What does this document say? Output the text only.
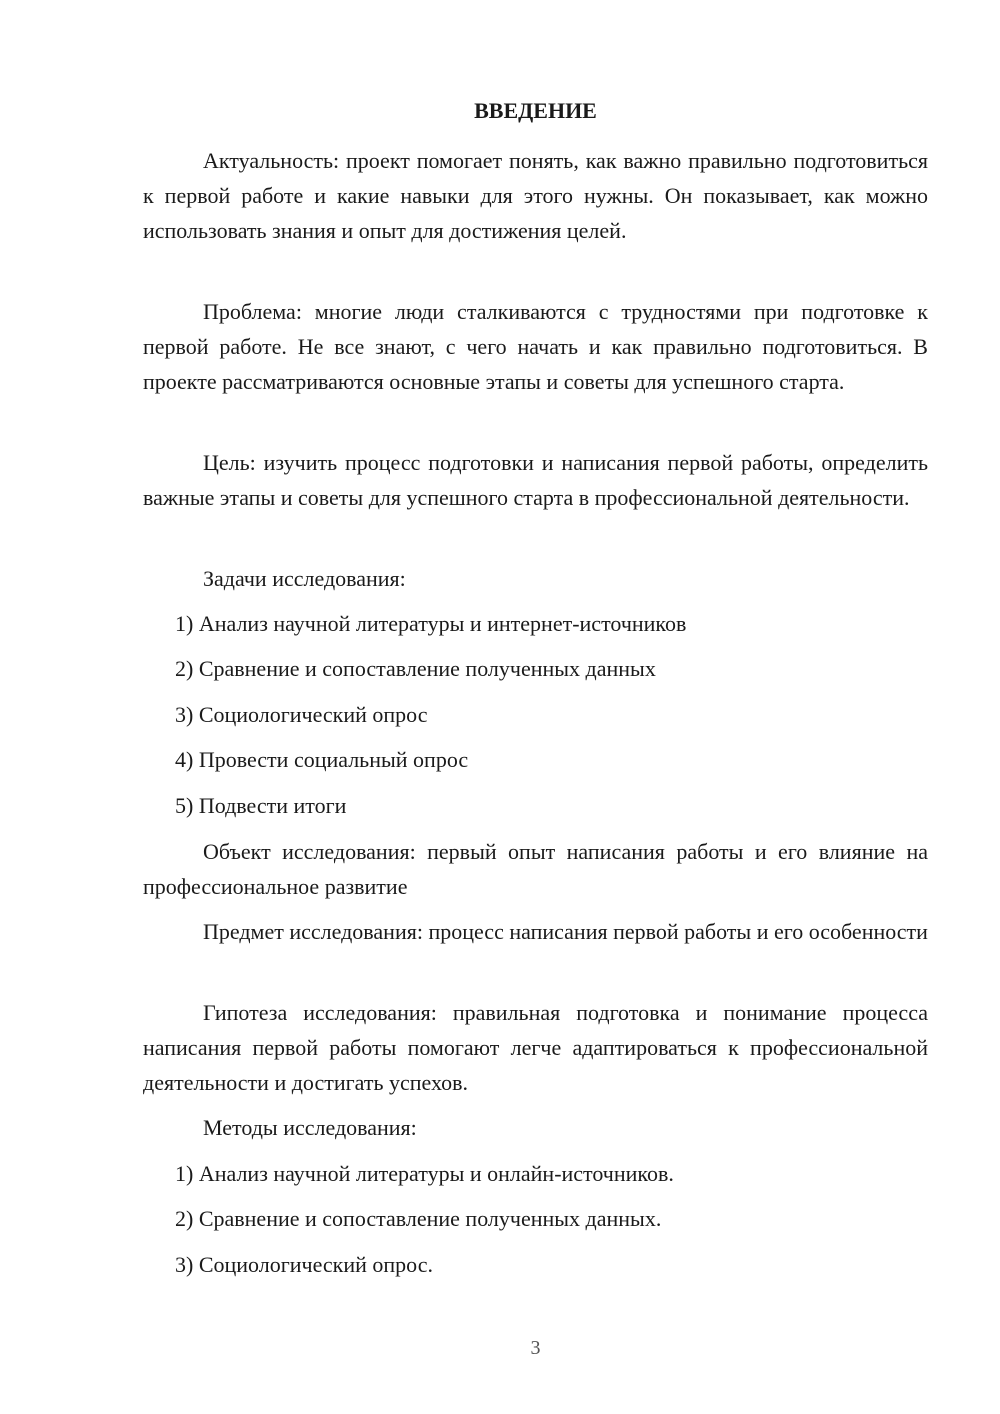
ВВЕДЕНИЕ

Актуальность: проект помогает понять, как важно правильно подготовиться к первой работе и какие навыки для этого нужны. Он показывает, как можно использовать знания и опыт для достижения целей.

Проблема: многие люди сталкиваются с трудностями при подготовке к первой работе. Не все знают, с чего начать и как правильно подготовиться. В проекте рассматриваются основные этапы и советы для успешного старта.

Цель: изучить процесс подготовки и написания первой работы, определить важные этапы и советы для успешного старта в профессиональной деятельности.

Задачи исследования:

1) Анализ научной литературы и интернет-источников

2) Сравнение и сопоставление полученных данных

3) Социологический опрос

4) Провести социальный опрос

5) Подвести итоги

Объект исследования: первый опыт написания работы и его влияние на профессиональное развитие

Предмет исследования: процесс написания первой работы и его особенности

Гипотеза исследования: правильная подготовка и понимание процесса написания первой работы помогают легче адаптироваться к профессиональной деятельности и достигать успехов.

Методы исследования:

1) Анализ научной литературы и онлайн-источников.

2) Сравнение и сопоставление полученных данных.

3) Социологический опрос.

3
